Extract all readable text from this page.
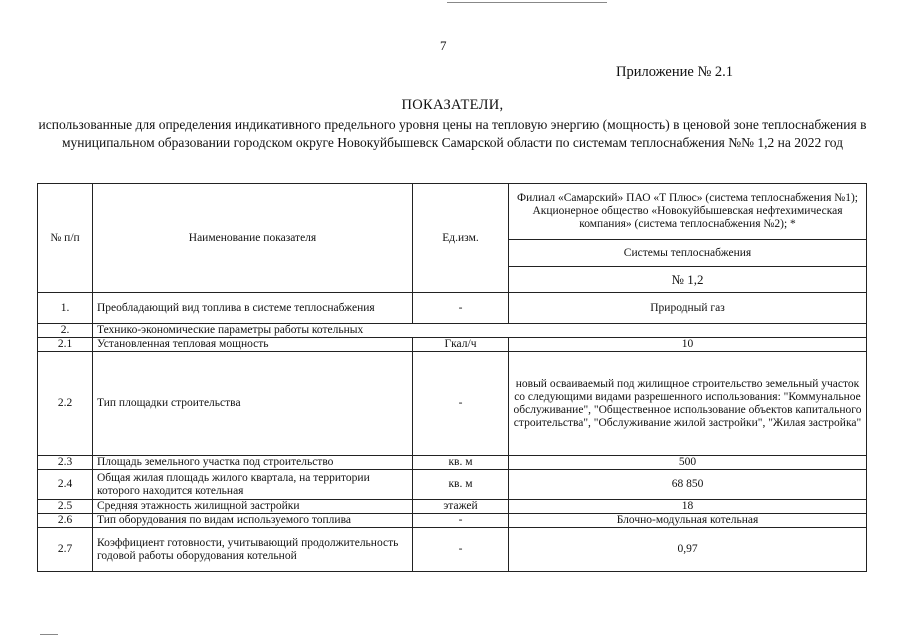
7
Приложение № 2.1
ПОКАЗАТЕЛИ,
использованные для определения индикативного предельного уровня цены на тепловую энергию (мощность) в ценовой зоне теплоснабжения в муниципальном образовании городском округе Новокуйбышевск Самарской области по системам теплоснабжения №№ 1,2 на 2022 год
№ п/п	Наименование показателя	Ед.изм.	Филиал «Самарский» ПАО «Т Плюс» (система теплоснабжения №1); Акционерное общество «Новокуйбышевская нефтехимическая компания» (система теплоснабжения №2); *
			Системы теплоснабжения
			№ 1,2
1.	Преобладающий вид топлива в системе теплоснабжения	-	Природный газ
2.	Технико-экономические параметры работы котельных		
2.1	Установленная тепловая мощность	Гкал/ч	10
2.2	Тип площадки строительства	-	новый осваиваемый под жилищное строительство земельный участок со следующими видами разрешенного использования: "Коммунальное обслуживание", "Общественное использование объектов капитального строительства", "Обслуживание жилой застройки", "Жилая застройка"
2.3	Площадь земельного участка под строительство	кв. м	500
2.4	Общая жилая площадь жилого квартала, на территории которого находится котельная	кв. м	68 850
2.5	Средняя этажность жилищной застройки	этажей	18
2.6	Тип оборудования по видам используемого топлива	-	Блочно-модульная котельная
2.7	Коэффициент готовности, учитывающий продолжительность годовой работы оборудования котельной	-	0,97
